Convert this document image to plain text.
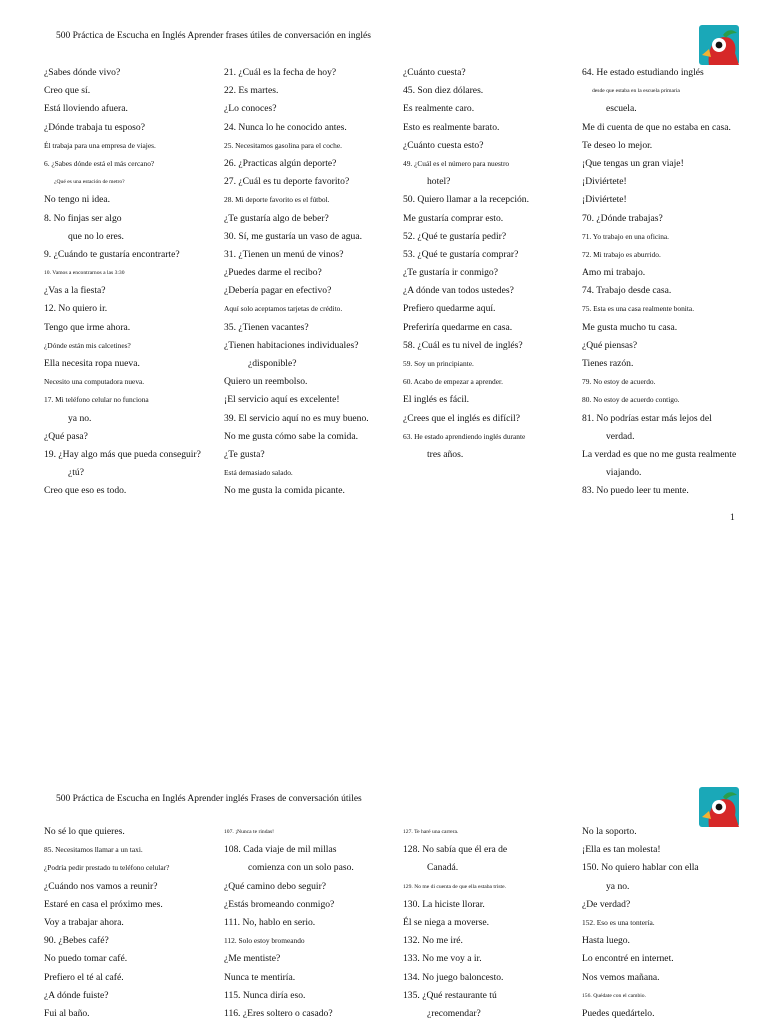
500 Práctica de Escucha en Inglés Aprender frases útiles de conversación en inglés
¿Sabes dónde vivo?
Creo que sí.
Está lloviendo afuera.
¿Dónde trabaja tu esposo?
Él trabaja para una empresa de viajes.
6. ¿Sabes dónde está el más cercano?
¿Qué es una estación de metro?
No tengo ni idea.
8. No finjas ser algo
que no lo eres.
9. ¿Cuándo te gustaría encontrarte?
10. Vamos a encontrarnos a las 3:30
¿Vas a la fiesta?
12. No quiero ir.
Tengo que irme ahora.
¿Dónde están mis calcetines?
Ella necesita ropa nueva.
Necesito una computadora nueva.
17. Mi teléfono celular no funciona
ya no.
¿Qué pasa?
19. ¿Hay algo más que pueda conseguir?
¿tú?
Creo que eso es todo.
21. ¿Cuál es la fecha de hoy?
22. Es martes.
¿Lo conoces?
24. Nunca lo he conocido antes.
25. Necesitamos gasolina para el coche.
26. ¿Practicas algún deporte?
27. ¿Cuál es tu deporte favorito?
28. Mi deporte favorito es el fútbol.
¿Te gustaría algo de beber?
30. Sí, me gustaría un vaso de agua.
31. ¿Tienen un menú de vinos?
¿Puedes darme el recibo?
¿Debería pagar en efectivo?
Aquí solo aceptamos tarjetas de crédito.
35. ¿Tienen vacantes?
¿Tienen habitaciones individuales?
¿disponible?
Quiero un reembolso.
¡El servicio aquí es excelente!
39. El servicio aquí no es muy bueno.
No me gusta cómo sabe la comida.
¿Te gusta?
Está demasiado salado.
No me gusta la comida picante.
¿Cuánto cuesta?
45. Son diez dólares.
Es realmente caro.
Esto es realmente barato.
¿Cuánto cuesta esto?
49. ¿Cuál es el número para nuestro
hotel?
50. Quiero llamar a la recepción.
Me gustaría comprar esto.
52. ¿Qué te gustaría pedir?
53. ¿Qué te gustaría comprar?
¿Te gustaría ir conmigo?
¿A dónde van todos ustedes?
Prefiero quedarme aquí.
Preferiría quedarme en casa.
58. ¿Cuál es tu nivel de inglés?
59. Soy un principiante.
60. Acabo de empezar a aprender.
El inglés es fácil.
¿Crees que el inglés es difícil?
63. He estado aprendiendo inglés durante
tres años.
64. He estado estudiando inglés
desde que estaba en la escuela primaria
escuela.
Me di cuenta de que no estaba en casa.
Te deseo lo mejor.
¡Que tengas un gran viaje!
¡Diviértete!
¡Diviértete!
70. ¿Dónde trabajas?
71. Yo trabajo en una oficina.
72. Mi trabajo es aburrido.
Amo mi trabajo.
74. Trabajo desde casa.
75. Esta es una casa realmente bonita.
Me gusta mucho tu casa.
¿Qué piensas?
Tienes razón.
79. No estoy de acuerdo.
80. No estoy de acuerdo contigo.
81. No podrías estar más lejos del
verdad.
La verdad es que no me gusta realmente
viajando.
83. No puedo leer tu mente.
1
500 Práctica de Escucha en Inglés Aprender inglés Frases de conversación útiles
No sé lo que quieres.
85. Necesitamos llamar a un taxi.
¿Podría pedir prestado tu teléfono celular?
¿Cuándo nos vamos a reunir?
Estaré en casa el próximo mes.
Voy a trabajar ahora.
90. ¿Bebes café?
No puedo tomar café.
Prefiero el té al café.
¿A dónde fuiste?
Fui al baño.
107. ¡Nunca te rindas!
108. Cada viaje de mil millas
comienza con un solo paso.
¿Qué camino debo seguir?
¿Estás bromeando conmigo?
111. No, hablo en serio.
112. Solo estoy bromeando
¿Me mentiste?
Nunca te mentiría.
115. Nunca diría eso.
116. ¿Eres soltero o casado?
127. Te haré una carrera.
128. No sabía que él era de
Canadá.
129. No me di cuenta de que ella estaba triste.
130. La hiciste llorar.
Él se niega a moverse.
132. No me iré.
133. No me voy a ir.
134. No juego baloncesto.
135. ¿Qué restaurante tú
¿recomendar?
No la soporto.
¡Ella es tan molesta!
150. No quiero hablar con ella
ya no.
¿De verdad?
152. Eso es una tontería.
Hasta luego.
Lo encontré en internet.
Nos vemos mañana.
156. Quédate con el cambio.
Puedes quedártelo.
